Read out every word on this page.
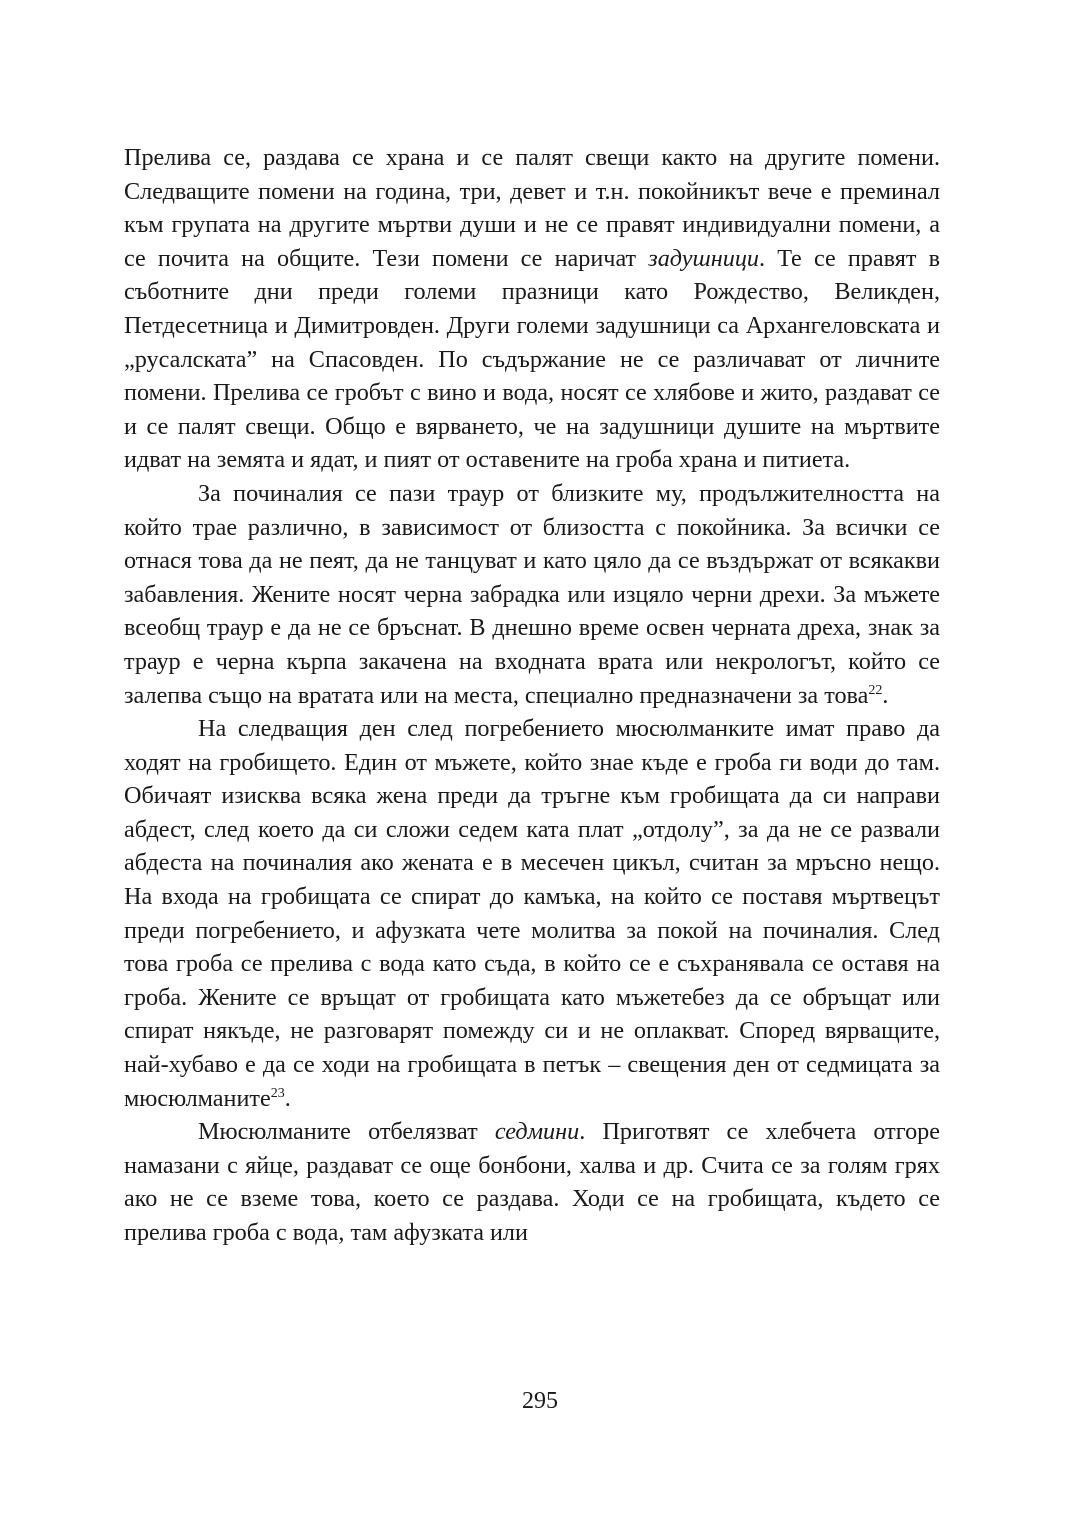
Прелива се, раздава се храна и се палят свещи както на другите помени. Следващите помени на година, три, девет и т.н. покойникът вече е преминал към групата на другите мъртви души и не се правят индивидуални помени, а се почита на общите. Тези помени се наричат задушници. Те се правят в съботните дни преди големи празници като Рождество, Великден, Петдесетница и Димитровден. Други големи задушници са Архангеловската и „русалската” на Спасовден. По съдържание не се различават от личните помени. Прелива се гробът с вино и вода, носят се хлябове и жито, раздават се и се палят свещи. Общо е вярването, че на задушници душите на мъртвите идват на земята и ядат, и пият от оставените на гроба храна и питиета.

За починалия се пази траур от близките му, продължителността на който трае различно, в зависимост от близостта с покойника. За всички се отнася това да не пеят, да не танцуват и като цяло да се въздържат от всякакви забавления. Жените носят черна забрадка или изцяло черни дрехи. За мъжете всеобщ траур е да не се бръснат. В днешно време освен черната дреха, знак за траур е черна кърпа закачена на входната врата или некрологът, който се залепва също на вратата или на места, специално предназначени за това$^{22}$.

На следващия ден след погребението мюсюлманките имат право да ходят на гробището. Един от мъжете, който знае къде е гроба ги води до там. Обичаят изисква всяка жена преди да тръгне към гробищата да си направи абдест, след което да си сложи седем ката плат „отдолу”, за да не се развали абдеста на починалия ако жената е в месечен цикъл, считан за мръсно нещо. На входа на гробищата се спират до камъка, на който се поставя мъртвецът преди погребението, и афузката чете молитва за покой на починалия. След това гроба се прелива с вода като съда, в който се е съхранявала се оставя на гроба. Жените се връщат от гробищата като мъжетебез да се обръщат или спират някъде, не разговарят помежду си и не оплакват. Според вярващите, най-хубаво е да се ходи на гробищата в петък – свещения ден от седмицата за мюсюлманите$^{23}$.

Мюсюлманите отбелязват седмини. Приготвят се хлебчета отгоре намазани с яйце, раздават се още бонбони, халва и др. Счита се за голям грях ако не се вземе това, което се раздава. Ходи се на гробищата, където се прелива гроба с вода, там афузката или

295
